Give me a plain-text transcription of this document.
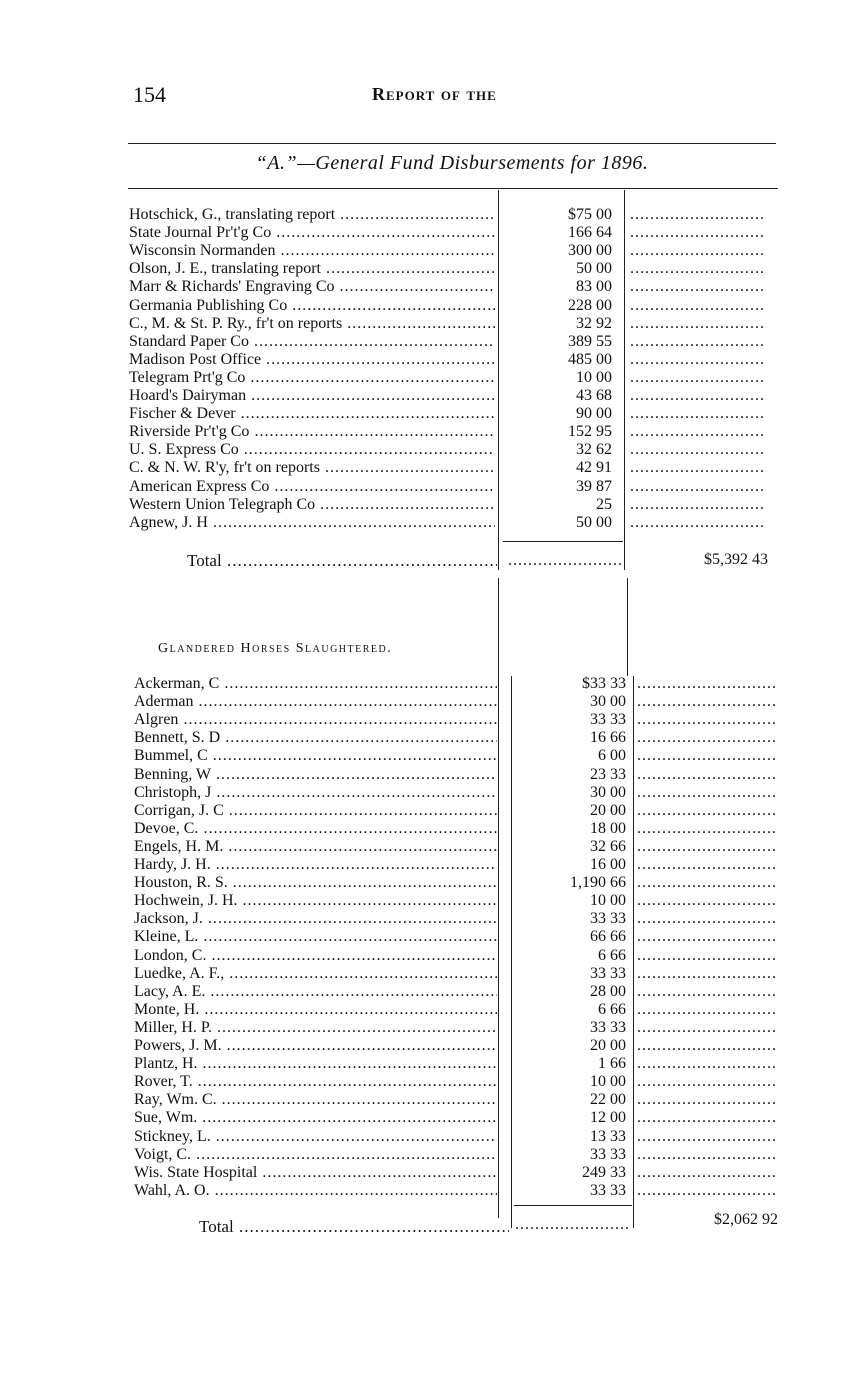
154	Report of the
“A.”—General Fund Disbursements for 1896.
Hotschick, G., translating report .....	$75 00
.....
State Journal Pr't'g Co .....	166 64
.....
Wisconsin Normanden .....	300 00
.....
Olson, J. E., translating report .....	50 00
.....
Marr & Richards' Engraving Co .....	83 00
.....
Germania Publishing Co .....	228 00
.....
C., M. & St. P. Ry., fr't on reports .....	32 92
.....
Standard Paper Co .....	389 55
.....
Madison Post Office .....	485 00
.....
Telegram Prt'g Co .....	10 00
.....
Hoard's Dairyman .....	43 68
.....
Fischer & Dever .....	90 00
.....
Riverside Pr't'g Co .....	152 95
.....
U. S. Express Co .....	32 62
.....
C. & N. W. R'y, fr't on reports .....	42 91
.....
American Express Co .....	39 87
.....
Western Union Telegraph Co .....	25
.....
Agnew, J. H .....	50 00
.....
Total ..... .....	$5,392 43
Glandered Horses Slaughtered.
Ackerman, C .....	$33 33
.....
Aderman .....	30 00
.....
Algren .....	33 33
.....
Bennett, S. D .....	16 66
.....
Bummel, C .....	6 00
.....
Benning, W .....	23 33
.....
Christoph, J .....	30 00
.....
Corrigan, J. C .....	20 00
.....
Devoe, C. .....	18 00
.....
Engels, H. M. .....	32 66
.....
Hardy, J. H. .....	16 00
.....
Houston, R. S. .....	1,190 66
.....
Hochwein, J. H. .....	10 00
.....
Jackson, J. .....	33 33
.....
Kleine, L. .....	66 66
.....
London, C. .....	6 66
.....
Luedke, A. F., .....	33 33
.....
Lacy, A. E. .....	28 00
.....
Monte, H. .....	6 66
.....
Miller, H. P. .....	33 33
.....
Powers, J. M. .....	20 00
.....
Plantz, H. .....	1 66
.....
Rover, T. .....	10 00
.....
Ray, Wm. C. .....	22 00
.....
Sue, Wm. .....	12 00
.....
Stickney, L. .....	13 33
.....
Voigt, C. .....	33 33
.....
Wis. State Hospital .....	249 33
.....
Wahl, A. O. .....	33 33
.....
Total ..... .....	$2,062 92
